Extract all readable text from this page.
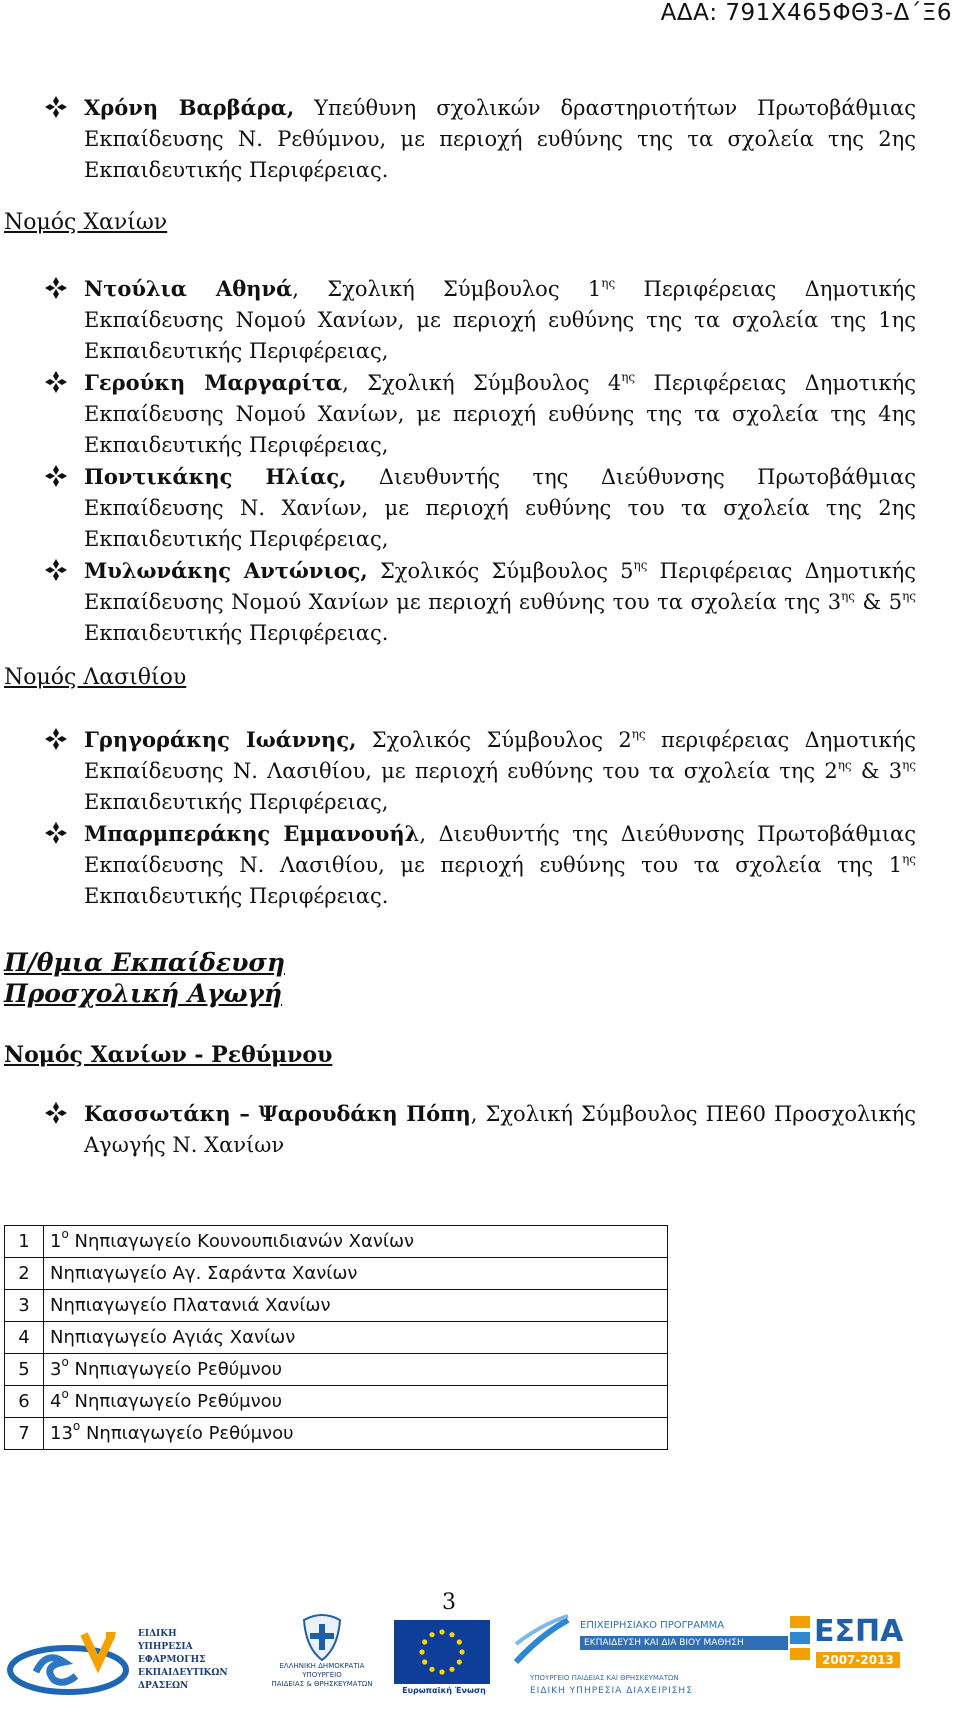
ΑΔΑ: 791Χ465ΦΘ3-Δ΄Ξ6
Χρόνη Βαρβάρα, Υπεύθυνη σχολικών δραστηριοτήτων Πρωτοβάθμιας Εκπαίδευσης Ν. Ρεθύμνου, με περιοχή ευθύνης της τα σχολεία της 2ης Εκπαιδευτικής Περιφέρειας.

Νομός Χανίων

Ντούλια Αθηνά, Σχολική Σύμβουλος $1^{\eta\varsigma}$ Περιφέρειας Δημοτικής Εκπαίδευσης Νομού Χανίων, με περιοχή ευθύνης της τα σχολεία της 1ης Εκπαιδευτικής Περιφέρειας,
Γερούκη Μαργαρίτα, Σχολική Σύμβουλος $4^{\eta\varsigma}$ Περιφέρειας Δημοτικής Εκπαίδευσης Νομού Χανίων, με περιοχή ευθύνης της τα σχολεία της 4ης Εκπαιδευτικής Περιφέρειας,
Ποντικάκης Ηλίας, Διευθυντής της Διεύθυνσης Πρωτοβάθμιας Εκπαίδευσης Ν. Χανίων, με περιοχή ευθύνης του τα σχολεία της 2ης Εκπαιδευτικής Περιφέρειας,
Μυλωνάκης Αντώνιος, Σχολικός Σύμβουλος $5^{\eta\varsigma}$ Περιφέρειας Δημοτικής Εκπαίδευσης Νομού Χανίων με περιοχή ευθύνης του τα σχολεία της $3^{\eta\varsigma}$ & $5^{\eta\varsigma}$ Εκπαιδευτικής Περιφέρειας.

Νομός Λασιθίου

Γρηγοράκης Ιωάννης, Σχολικός Σύμβουλος $2^{\eta\varsigma}$ περιφέρειας Δημοτικής Εκπαίδευσης Ν. Λασιθίου, με περιοχή ευθύνης του τα σχολεία της $2^{\eta\varsigma}$ & $3^{\eta\varsigma}$ Εκπαιδευτικής Περιφέρειας,
Μπαρμπεράκης Εμμανουήλ, Διευθυντής της Διεύθυνσης Πρωτοβάθμιας Εκπαίδευσης Ν. Λασιθίου, με περιοχή ευθύνης του τα σχολεία της $1^{\eta\varsigma}$ Εκπαιδευτικής Περιφέρειας.

Π/θμια Εκπαίδευση

Προσχολική Αγωγή

Νομός Χανίων - Ρεθύμνου

Κασσωτάκη – Ψαρουδάκη Πόπη, Σχολική Σύμβουλος ΠΕ60 Προσχολικής Αγωγής Ν. Χανίων
1	$1^o$ Νηπιαγωγείο Κουνουπιδιανών Χανίων
2	Νηπιαγωγείο Αγ. Σαράντα Χανίων
3	Νηπιαγωγείο Πλατανιά Χανίων
4	Νηπιαγωγείο Αγιάς Χανίων
5	$3^o$ Νηπιαγωγείο Ρεθύμνου
6	$4^o$ Νηπιαγωγείο Ρεθύμνου
7	$13^o$ Νηπιαγωγείο Ρεθύμνου
3
ΕΙΔΙΚΗ
ΥΠΗΡΕΣΙΑ
ΕΦΑΡΜΟΓΗΣ
ΕΚΠΑΙΔΕΥΤΙΚΩΝ
ΔΡΑΣΕΩΝ
ΕΛΛΗΝΙΚΗ ΔΗΜΟΚΡΑΤΙΑ
ΥΠΟΥΡΓΕΙΟ
ΠΑΙΔΕΙΑΣ & ΘΡΗΣΚΕΥΜΑΤΩΝ
Ευρωπαϊκή Ένωση
ΕΠΙΧΕΙΡΗΣΙΑΚΟ ΠΡΟΓΡΑΜΜΑ
ΕΚΠΑΙΔΕΥΣΗ ΚΑΙ ΔΙΑ ΒΙΟΥ ΜΑΘΗΣΗ
ΥΠΟΥΡΓΕΙΟ ΠΑΙΔΕΙΑΣ ΚΑΙ ΘΡΗΣΚΕΥΜΑΤΩΝ
ΕΙΔΙΚΗ ΥΠΗΡΕΣΙΑ ΔΙΑΧΕΙΡΙΣΗΣ
ΕΣΠΑ
2007-2013
